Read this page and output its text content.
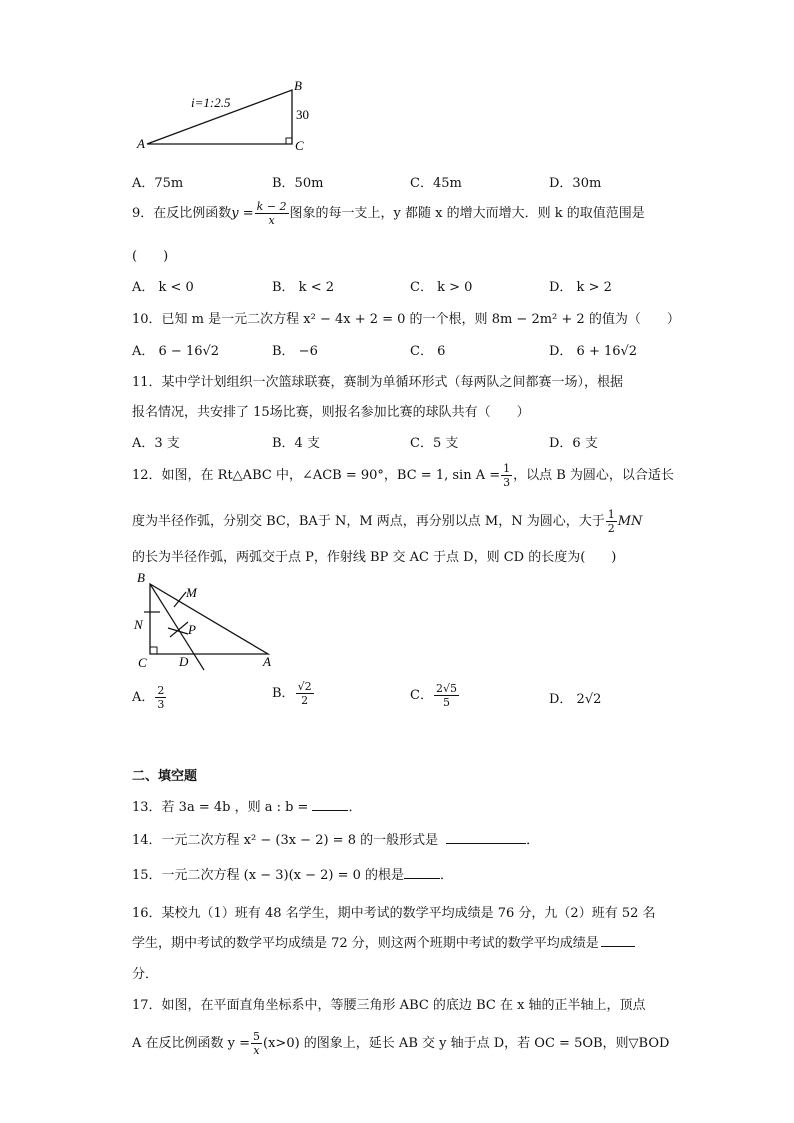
i=1:2.5
30
A
B
C
A．75m	B．50m	C．45m	D．30m
9．在反比例函数$y = \frac{k - 2}{x}$ 图象的每一支上，y 都随 x 的增大而增大．则 k 的取值范围是
(　　)
A． k < 0	B． k < 2	C． k > 0	D． k > 2
10．已知 m 是一元二次方程 x² − 4x + 2 = 0 的一个根，则 8m − 2m² + 2 的值为（　　）
A． 6 − 16√2	B． −6	C． 6	D． 6 + 16√2
11．某中学计划组织一次篮球联赛，赛制为单循环形式（每两队之间都赛一场），根据
报名情况，共安排了 15场比赛，则报名参加比赛的球队共有（　　）
A．3 支	B．4 支	C．5 支	D．6 支
12．如图，在 Rt△ABC 中，∠ACB = 90°，BC = 1, $\sin A = \frac{1}{3}$ ，以点 B 为圆心，以合适长
度为半径作弧，分别交 BC，BA于 N，M 两点，再分别以点 M，N 为圆心，大于 $\frac{1}{2}$ MN
的长为半径作弧，两弧交于点 P，作射线 BP 交 AC 于点 D，则 CD 的长度为(　　)
B
M
N	P
C D	A
A． $\frac{2}{3}$	B． $\frac{√2}{2}$	C． $\frac{2√5}{5}$	D． 2√2
二、填空题
13．若 3a = 4b ，则 a : b =	．
14．一元二次方程 x² − (3x − 2) = 8 的一般形式是	．
15．一元二次方程 (x − 3)(x − 2) = 0 的根是	．
16．某校九（1）班有 48 名学生，期中考试的数学平均成绩是 76 分，九（2）班有 52 名
学生，期中考试的数学平均成绩是 72 分，则这两个班期中考试的数学平均成绩是
分．
17．如图，在平面直角坐标系中，等腰三角形 ABC 的底边 BC 在 x 轴的正半轴上，顶点
A 在反比例函数 $y = \frac{5}{x} (x>0)$ 的图象上，延长 AB 交 y 轴于点 D，若 OC = 5OB，则▽BOD
